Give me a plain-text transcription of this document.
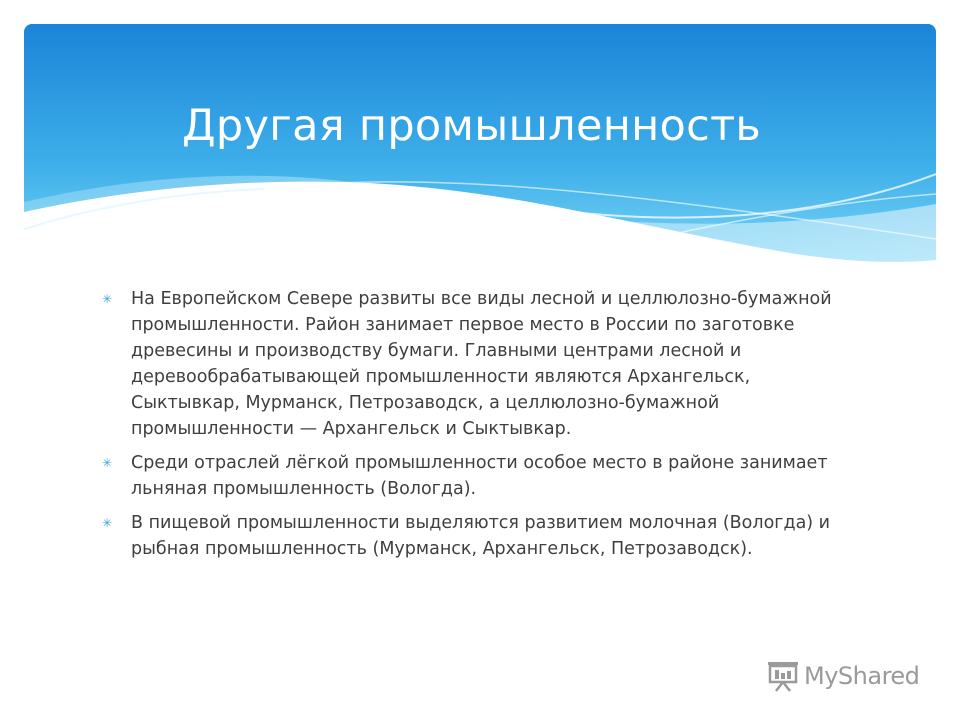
Другая промышленность
✳ На Европейском Севере развиты все виды лесной и целлюлозно-бумажной промышленности. Район занимает первое место в России по заготовке древесины и производству бумаги. Главными центрами лесной и деревообрабатывающей промышленности являются Архангельск, Сыктывкар, Мурманск, Петрозаводск, а целлюлозно-бумажной промышленности — Архангельск и Сыктывкар.
✳ Среди отраслей лёгкой промышленности особое место в районе занимает льняная промышленность (Вологда).
✳ В пищевой промышленности выделяются развитием молочная (Вологда) и рыбная промышленность (Мурманск, Архангельск, Петрозаводск).
MyShared
